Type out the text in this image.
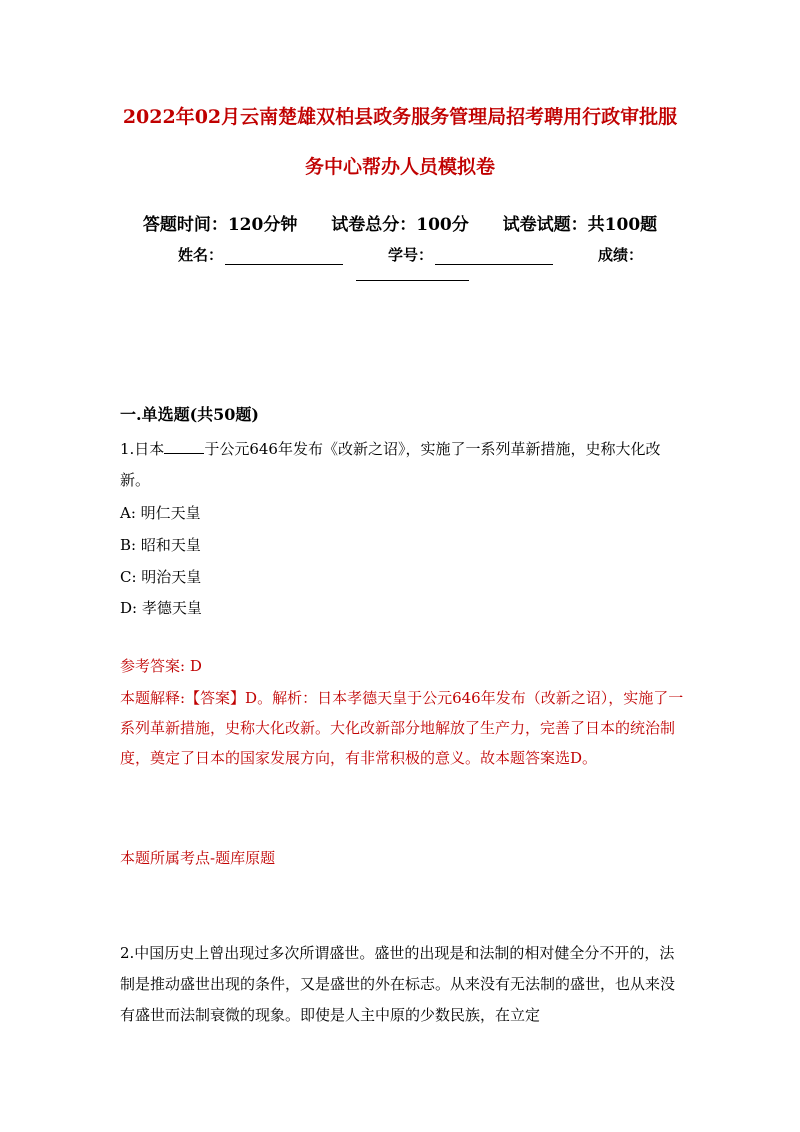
2022年02月云南楚雄双柏县政务服务管理局招考聘用行政审批服
务中心帮办人员模拟卷
答题时间：120分钟 试卷总分：100分 试卷试题：共100题
姓名：	学号：	成绩：
一.单选题(共50题)
1.日本	于公元646年发布《改新之诏》，实施了一系列革新措施，史称大化改新。
A: 明仁天皇
B: 昭和天皇
C: 明治天皇
D: 孝德天皇
参考答案: D
本题解释:【答案】D。解析：日本孝德天皇于公元646年发布（改新之诏），实施了一系列革新措施，史称大化改新。大化改新部分地解放了生产力，完善了日本的统治制度，奠定了日本的国家发展方向，有非常积极的意义。故本题答案选D。
本题所属考点-题库原题
2.中国历史上曾出现过多次所谓盛世。盛世的出现是和法制的相对健全分不开的，法制是推动盛世出现的条件，又是盛世的外在标志。从来没有无法制的盛世，也从来没有盛世而法制衰微的现象。即使是人主中原的少数民族，在立定
